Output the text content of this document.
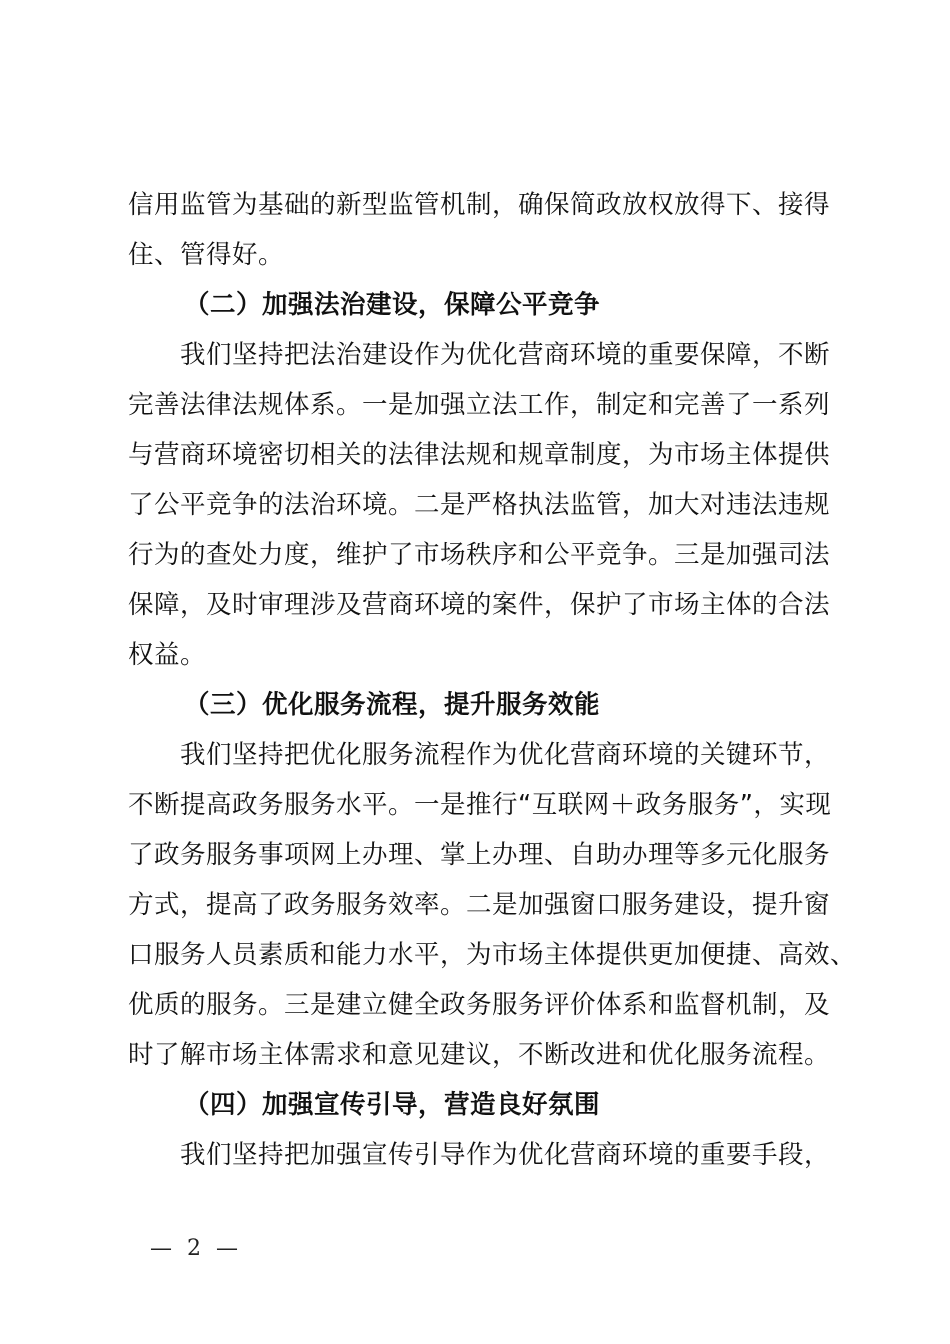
信用监管为基础的新型监管机制，确保简政放权放得下、接得
住、管得好。
（二）加强法治建设，保障公平竞争
我们坚持把法治建设作为优化营商环境的重要保障，不断
完善法律法规体系。一是加强立法工作，制定和完善了一系列
与营商环境密切相关的法律法规和规章制度，为市场主体提供
了公平竞争的法治环境。二是严格执法监管，加大对违法违规
行为的查处力度，维护了市场秩序和公平竞争。三是加强司法
保障，及时审理涉及营商环境的案件，保护了市场主体的合法
权益。
（三）优化服务流程，提升服务效能
我们坚持把优化服务流程作为优化营商环境的关键环节，
不断提高政务服务水平。一是推行“互联网＋政务服务”，实现
了政务服务事项网上办理、掌上办理、自助办理等多元化服务
方式，提高了政务服务效率。二是加强窗口服务建设，提升窗
口服务人员素质和能力水平，为市场主体提供更加便捷、高效、
优质的服务。三是建立健全政务服务评价体系和监督机制，及
时了解市场主体需求和意见建议，不断改进和优化服务流程。
（四）加强宣传引导，营造良好氛围
我们坚持把加强宣传引导作为优化营商环境的重要手段，
— 2 —
